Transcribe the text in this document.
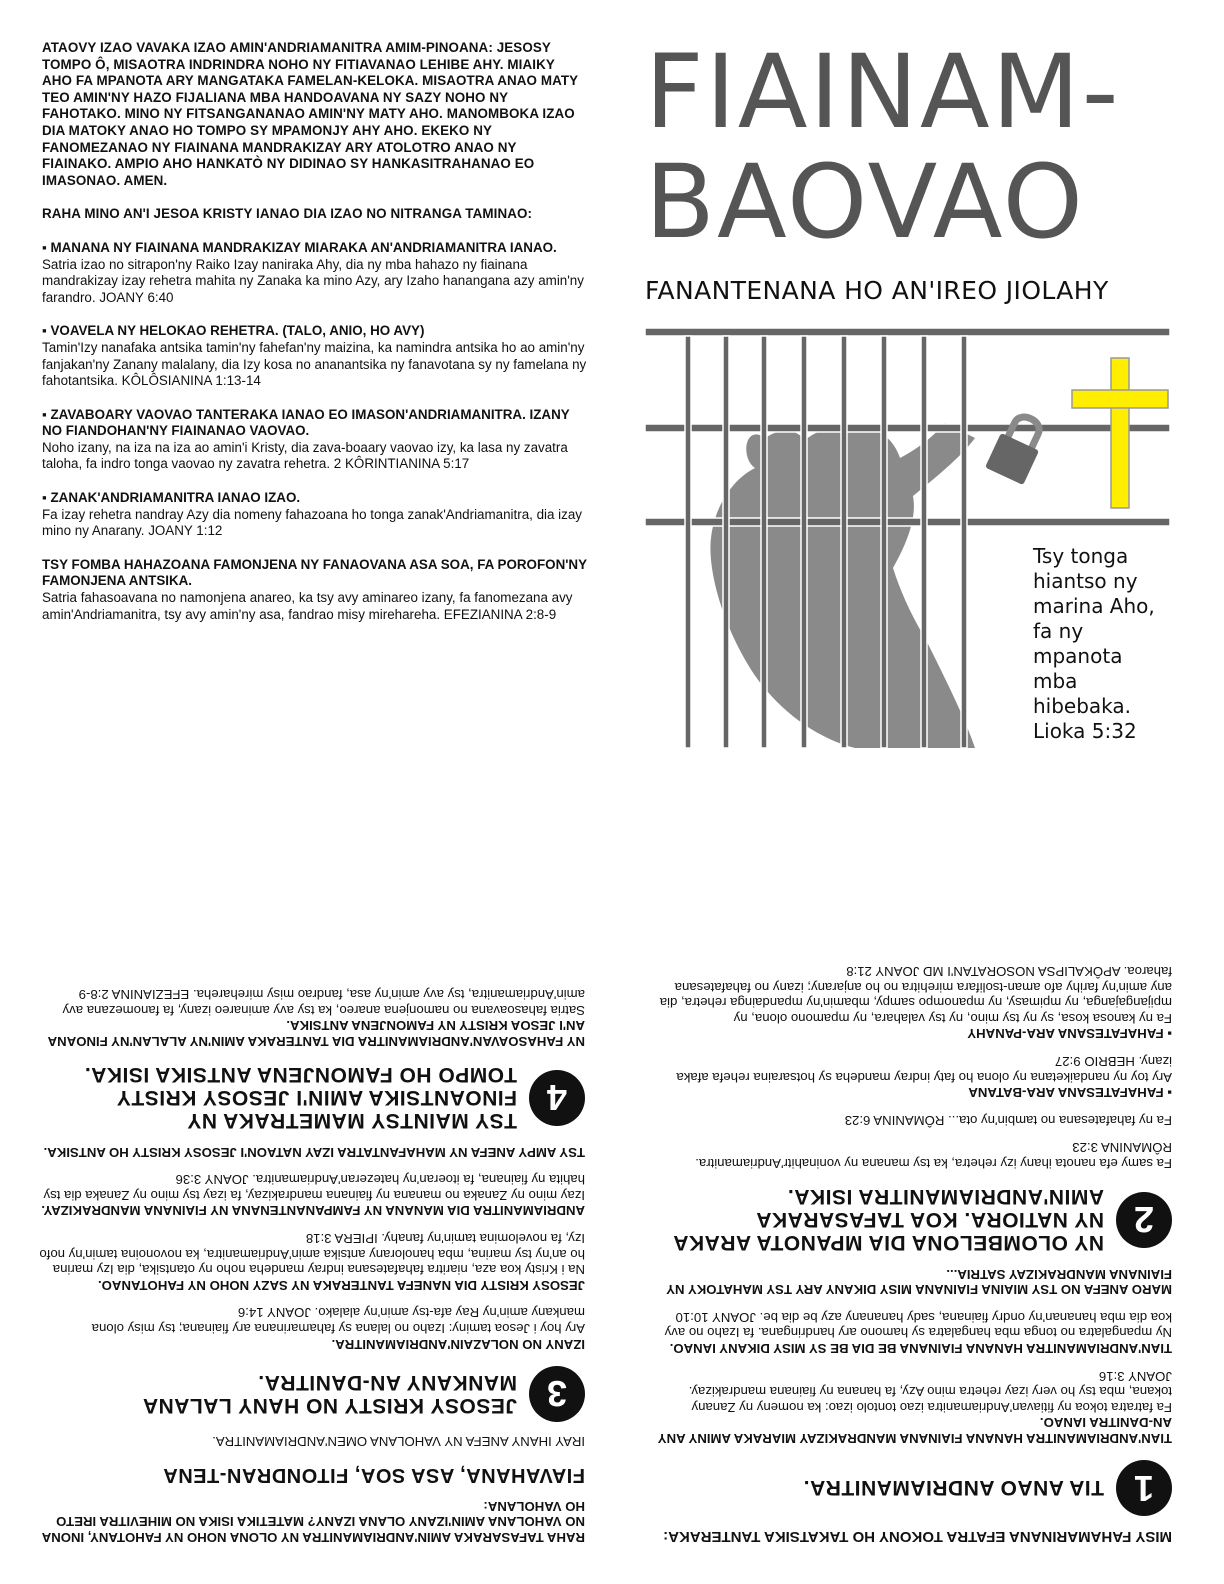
ATAOVY IZAO VAVAKA IZAO AMIN'ANDRIAMANITRA AMIM-PINOANA: JESOSY TOMPO Ô, MISAOTRA INDRINDRA NOHO NY FITIAVANAO LEHIBE AHY. MIAIKY AHO FA MPANOTA ARY MANGATAKA FAMELAN-KELOKA. MISAOTRA ANAO MATY TEO AMIN'NY HAZO FIJALIANA MBA HANDOAVANA NY SAZY NOHO NY FAHOTAKO. MINO NY FITSANGANANAO AMIN'NY MATY AHO. MANOMBOKA IZAO DIA MATOKY ANAO HO TOMPO SY MPAMONJY AHY AHO. EKEKO NY FANOMEZANAO NY FIAINANA MANDRAKIZAY ARY ATOLOTRO ANAO NY FIAINAKO. AMPIO AHO HANKATÒ NY DIDINAO SY HANKASITRAHANAO EO IMASONAO. AMEN.

RAHA MINO AN'I JESOA KRISTY IANAO DIA IZAO NO NITRANGA TAMINAO:

▪ MANANA NY FIAINANA MANDRAKIZAY MIARAKA AN'ANDRIAMANITRA IANAO.
Satria izao no sitrapon'ny Raiko Izay naniraka Ahy, dia ny mba hahazo ny fiainana mandrakizay izay rehetra mahita ny Zanaka ka mino Azy, ary Izaho hanangana azy amin'ny farandro. JOANY 6:40

▪ VOAVELA NY HELOKAO REHETRA. (TALO, ANIO, HO AVY)
Tamin'Izy nanafaka antsika tamin'ny fahefan'ny maizina, ka namindra antsika ho ao amin'ny fanjakan'ny Zanany malalany, dia Izy kosa no ananantsika ny fanavotana sy ny famelana ny fahotantsika. KÔLÔSIANINA 1:13-14

▪ ZAVABOARY VAOVAO TANTERAKA IANAO EO IMASON'ANDRIAMANITRA. IZANY NO FIANDOHAN'NY FIAINANAO VAOVAO.
Noho izany, na iza na iza ao amin'i Kristy, dia zava-boaary vaovao izy, ka lasa ny zavatra taloha, fa indro tonga vaovao ny zavatra rehetra. 2 KÔRINTIANINA 5:17

▪ ZANAK'ANDRIAMANITRA IANAO IZAO.
Fa izay rehetra nandray Azy dia nomeny fahazoana ho tonga zanak'Andriamanitra, dia izay mino ny Anarany. JOANY 1:12

TSY FOMBA HAHAZOANA FAMONJENA NY FANAOVANA ASA SOA, FA POROFON'NY FAMONJENA ANTSIKA.
Satria fahasoavana no namonjena anareo, ka tsy avy aminareo izany, fa fanomezana avy amin'Andriamanitra, tsy avy amin'ny asa, fandrao misy mirehareha. EFEZIANINA 2:8-9

FIAINAM-
BAOVAO
FANANTENANA HO AN'IREO JIOLAHY
Tsy tonga hiantso ny marina Aho, fa ny mpanota mba hibebaka. Lioka 5:32

RAHA TAFASARAKA AMIN'ANDRIAMANITRA NY OLONA NOHO NY FAHOTANY, INONA NO VAHOLANA AMIN'IZANY OLANA IZANY? MATETIKA ISIKA NO MIHEVITRA IRETO HO VAHOLANA:

FIAVAHANA, ASA SOA, FITONDRAN-TENA

IRAY IHANY ANEFA NY VAHOLANA OMEN'ANDRIAMANITRA.

3
JESOSY KRISTY NO HANY LALANA MANKANY AN-DANITRA.

IZANY NO NOLAZAIN'ANDRIAMANITRA.
Ary hoy i Jesoa taminy: Izaho no lalana sy fahamarinana ary fiainana; tsy misy olona mankany amin'ny Ray afa-tsy amin'ny alalako. JOANY 14:6

JESOSY KRISTY DIA NANEFA TANTERAKA NY SAZY NOHO NY FAHOTANAO.
Na i Kristy koa aza, niaritra fahafatesana indray mandeha noho ny otantsika, dia Izy marina ho an'ny tsy marina, mba hanolorany antsika amin'Andriamanitra, ka novonoina tamin'ny nofo Izy, fa novelomina tamin'ny fanahy. IPIERA 3:18

ANDRIAMANITRA DIA MANANA NY FAMPANANTENANA NY FIAINANA MANDRAKIZAY.
Izay mino ny Zanaka no manana ny fiainana mandrakizay, fa izay tsy mino ny Zanaka dia tsy hahita ny fiainana, fa itoeran'ny hatezeran'Andriamanitra. JOANY 3:36

TSY AMPY ANEFA NY MAHAFANTATRA IZAY NATAON'I JESOSY KRISTY HO ANTSIKA.

4
TSY MAINTSY MAMETRAKA NY FINOANTSIKA AMIN'I JESOSY KRISTY TOMPO HO FAMONJENA ANTSIKA ISIKA.

NY FAHASOAVAN'ANDRIAMANITRA DIA TANTERAKA AMIN'NY ALALAN'NY FINOANA AN'I JESOA KRISTY NY FAMONJENA ANTSIKA.
Satria fahasoavana no namonjena anareo, ka tsy avy aminareo izany, fa fanomezana avy amin'Andriamanitra, tsy avy amin'ny asa, fandrao misy mirehareha. EFEZIANINA 2:8-9

MISY FAHAMARINANA EFATRA TOKONY HO TAKATSIKA TANTERAKA:

1
TIA ANAO ANDRIAMANITRA.

TIAN'ANDRIAMANITRA HANANA FIAINANA MANDRAKIZAY MIARAKA AMINY ANY AN-DANITRA IANAO.
Fa fatratra tokoa ny fitiavan'Andriamanitra izao tontolo izao: ka nomeny ny Zanany tokana, mba tsy ho very izay rehetra mino Azy, fa hanana ny fiainana mandrakizay. JOANY 3:16

TIAN'ANDRIAMANITRA HANANA FIAINANA BE DIA BE SY MISY DIKANY IANAO.
Ny mpangalatra no tonga mba hangalatra sy hamono ary handringana. fa Izaho no avy koa dia mba hananan'ny ondry fiainana, sady hananany azy be dia be. JOANY 10:10

MARO ANEFA NO TSY MIAINA FIAINANA MISY DIKANY ARY TSY MAHATOKY NY FIAINANA MANDRAKIZAY SATRIA...

2
NY OLOMBELONA DIA MPANOTA ARAKA NY NATIORA. KOA TAFASARAKA AMIN'ANDRIAMANITRA ISIKA.

Fa samy efa nanota ihany izy rehetra, ka tsy manana ny voninahitr'Andriamanitra. RÔMANINA 3:23

Fa ny fahafatesana no tambin'ny ota... RÔMANINA 6:23

▪ FAHAFATESANA ARA-BATANA
Ary toy ny nandaiketana ny olona ho faty indray mandeha sy hotsaraina rehefa afaka izany. HEBRIO 9:27

▪ FAHAFATESANA ARA-PANAHY
Fa ny kanosa kosa, sy ny tsy mino, ny tsy valahara, ny mpamono olona, ny mpijangajanga, ny mpimasy, ny mpanompo sampy, mbamin'ny mpandainga rehetra, dia any amin'ny farihy afo aman-tsolifara mirehitra no ho anjarany; izany no fahafatesana faharoa. APÔKALIPSA NOSORATAN'I MD JOANY 21:8
